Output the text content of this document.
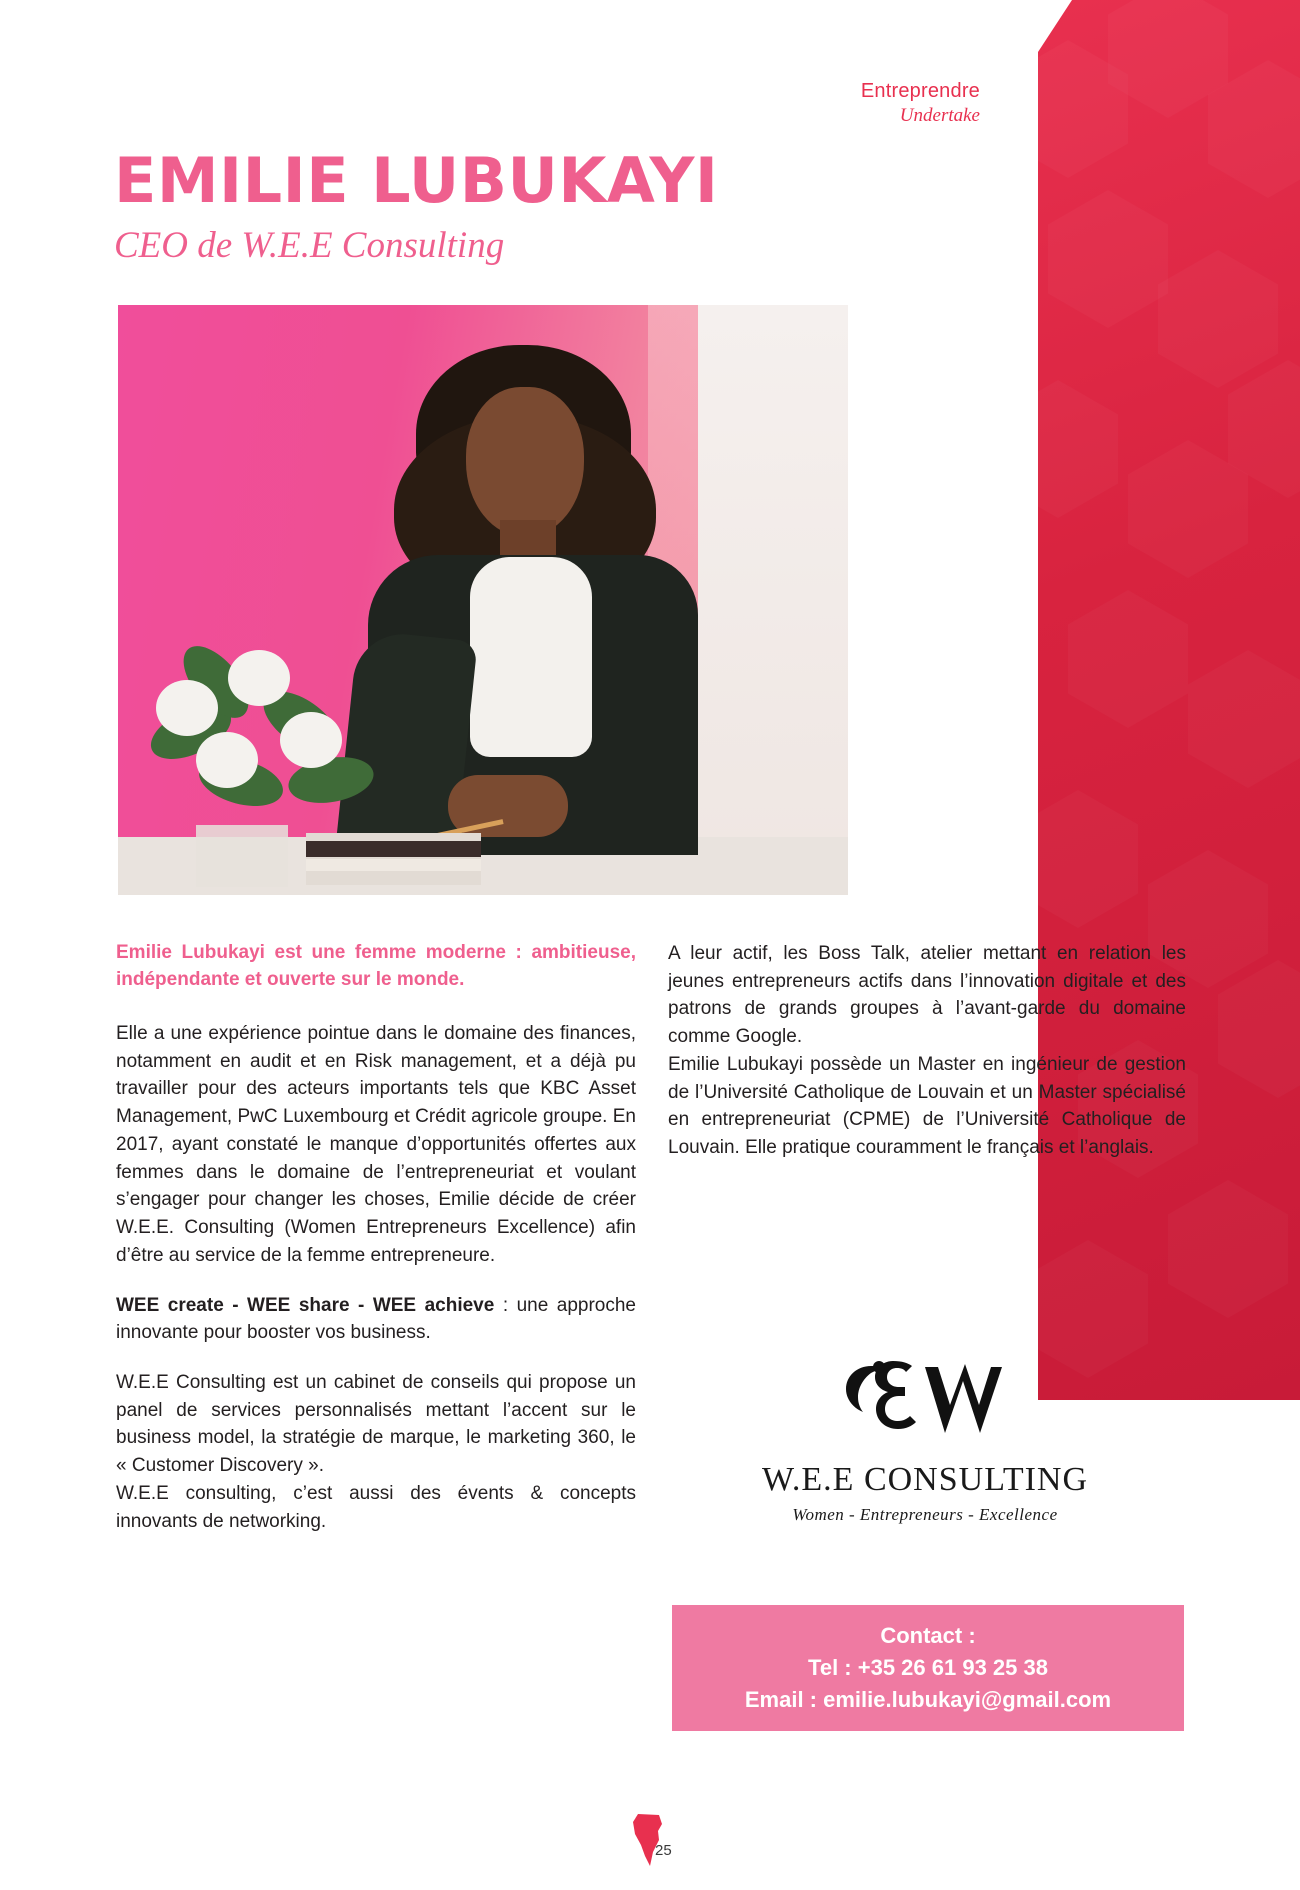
Entreprendre
Undertake
EMILIE LUBUKAYI
CEO de W.E.E Consulting

Emilie Lubukayi est une femme moderne : ambitieuse, indépendante et ouverte sur le monde.

Elle a une expérience pointue dans le domaine des finances, notamment en audit et en Risk management, et a déjà pu travailler pour des acteurs importants tels que KBC Asset Management, PwC Luxembourg et Crédit agricole groupe. En 2017, ayant constaté le manque d’opportunités offertes aux femmes dans le domaine de l’entrepreneuriat et voulant s’engager pour changer les choses, Emilie décide de créer W.E.E. Consulting (Women Entrepreneurs Excellence) afin d’être au service de la femme entrepreneure.

WEE create - WEE share - WEE achieve : une approche innovante pour booster vos business.

W.E.E Consulting est un cabinet de conseils qui propose un panel de services personnalisés mettant l’accent sur le business model, la stratégie de marque, le marketing 360, le « Customer Discovery ».

W.E.E consulting, c’est aussi des évents & concepts innovants de networking.

A leur actif, les Boss Talk, atelier mettant en relation les jeunes entrepreneurs actifs dans l’innovation digitale et des patrons de grands groupes à l’avant-garde du domaine comme Google.

Emilie Lubukayi possède un Master en ingénieur de gestion de l’Université Catholique de Louvain et un Master spécialisé en entrepreneuriat (CPME) de l’Université Catholique de Louvain. Elle pratique couramment le français et l’anglais.

W.E.E CONSULTING
Women - Entrepreneurs - Excellence
Contact :
Tel : +35 26 61 93 25 38
Email : emilie.lubukayi@gmail.com
25
